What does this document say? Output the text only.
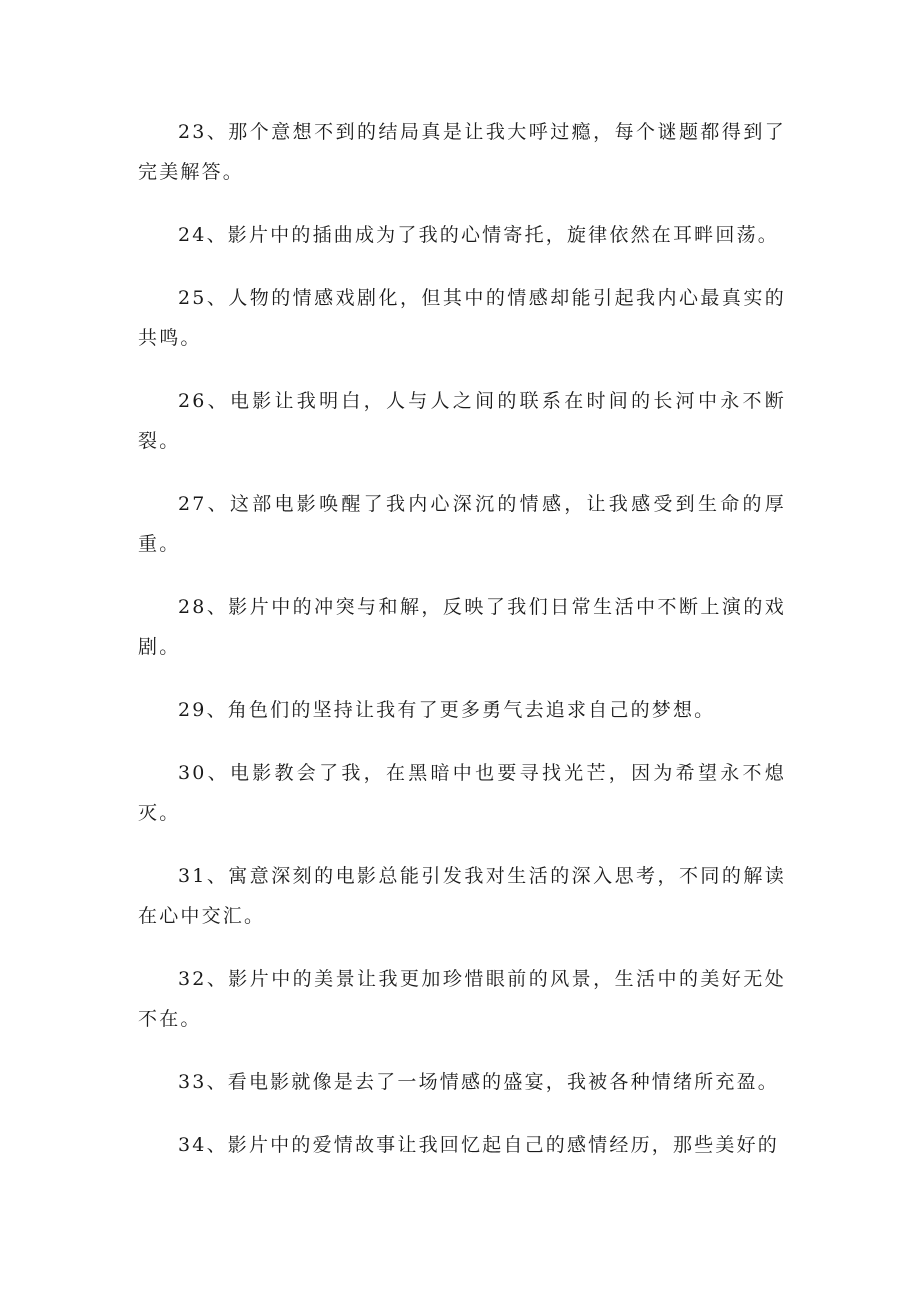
23、那个意想不到的结局真是让我大呼过瘾，每个谜题都得到了完美解答。

24、影片中的插曲成为了我的心情寄托，旋律依然在耳畔回荡。

25、人物的情感戏剧化，但其中的情感却能引起我内心最真实的共鸣。

26、电影让我明白，人与人之间的联系在时间的长河中永不断裂。

27、这部电影唤醒了我内心深沉的情感，让我感受到生命的厚重。

28、影片中的冲突与和解，反映了我们日常生活中不断上演的戏剧。

29、角色们的坚持让我有了更多勇气去追求自己的梦想。

30、电影教会了我，在黑暗中也要寻找光芒，因为希望永不熄灭。

31、寓意深刻的电影总能引发我对生活的深入思考，不同的解读在心中交汇。

32、影片中的美景让我更加珍惜眼前的风景，生活中的美好无处不在。

33、看电影就像是去了一场情感的盛宴，我被各种情绪所充盈。

34、影片中的爱情故事让我回忆起自己的感情经历，那些美好的
